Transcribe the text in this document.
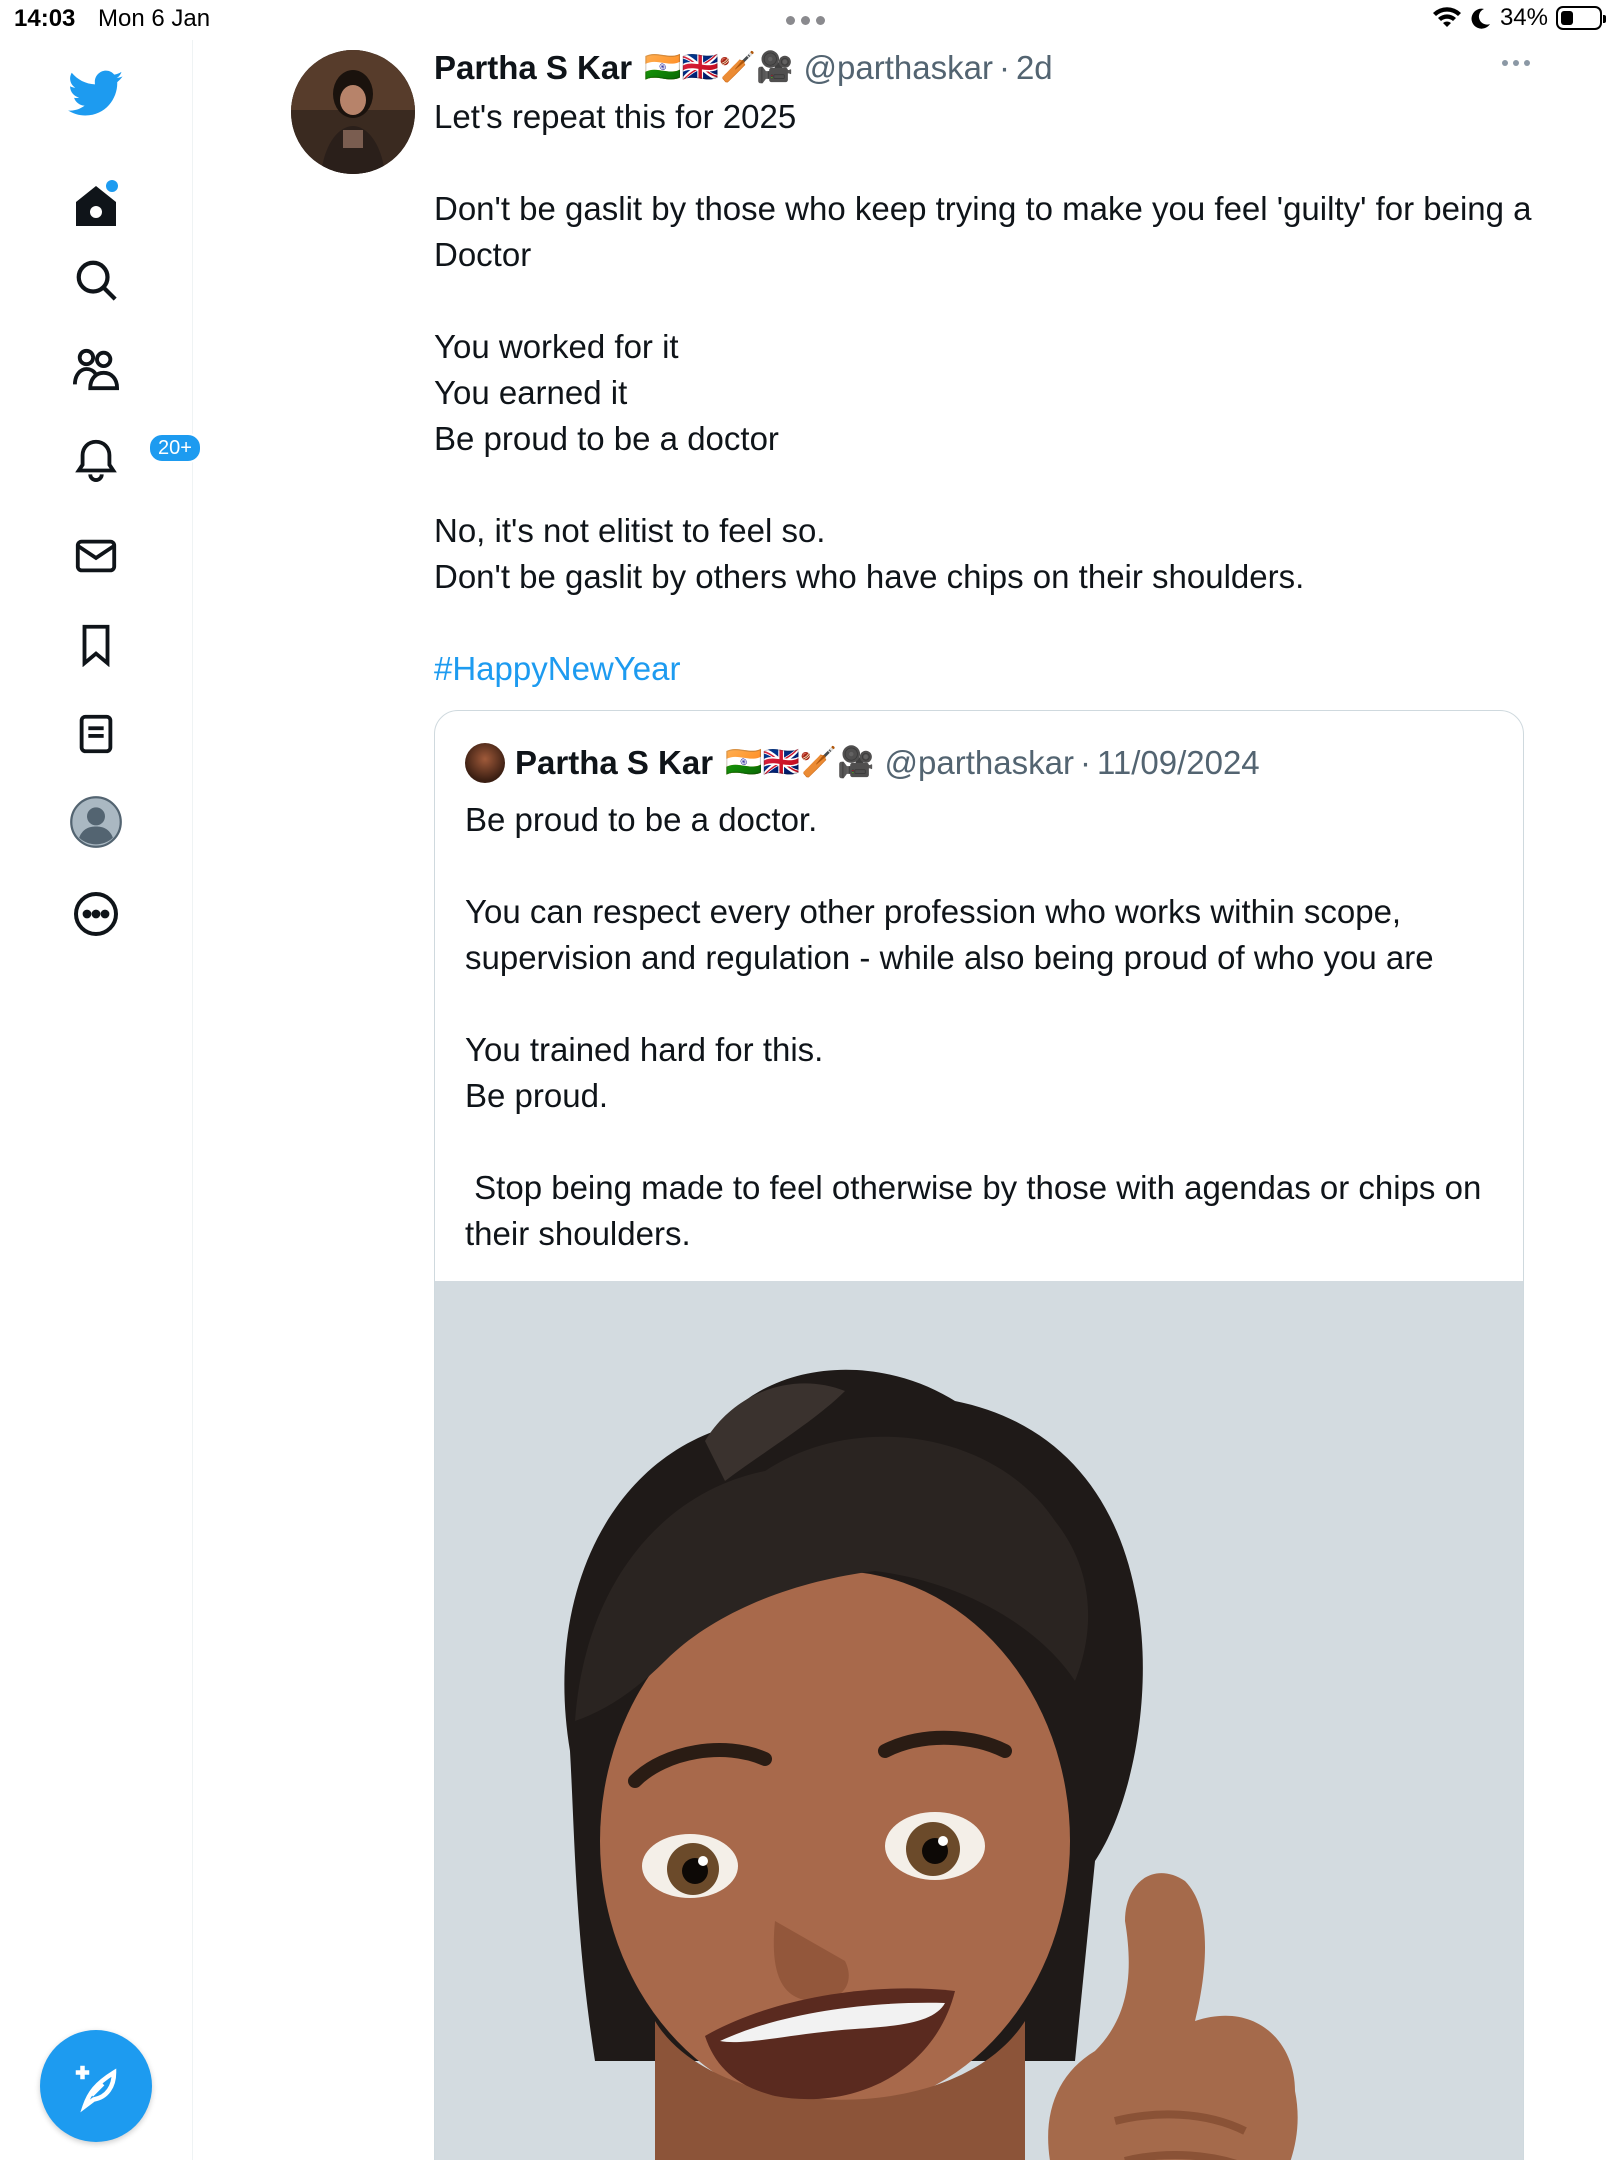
14:03 Mon 6 Jan	34%
20+
Partha S Kar 🇮🇳🇬🇧🏏🎥 @parthaskar · 2d

Let's repeat this for 2025

Don't be gaslit by those who keep trying to make you feel 'guilty' for being a Doctor

You worked for it

You earned it

Be proud to be a doctor

No, it's not elitist to feel so.

Don't be gaslit by others who have chips on their shoulders.

#HappyNewYear

Partha S Kar 🇮🇳🇬🇧🏏🎥 @parthaskar · 11/09/2024

Be proud to be a doctor.

You can respect every other profession who works within scope, supervision and regulation - while also being proud of who you are

You trained hard for this.

Be proud.

Stop being made to feel otherwise by those with agendas or chips on their shoulders.
